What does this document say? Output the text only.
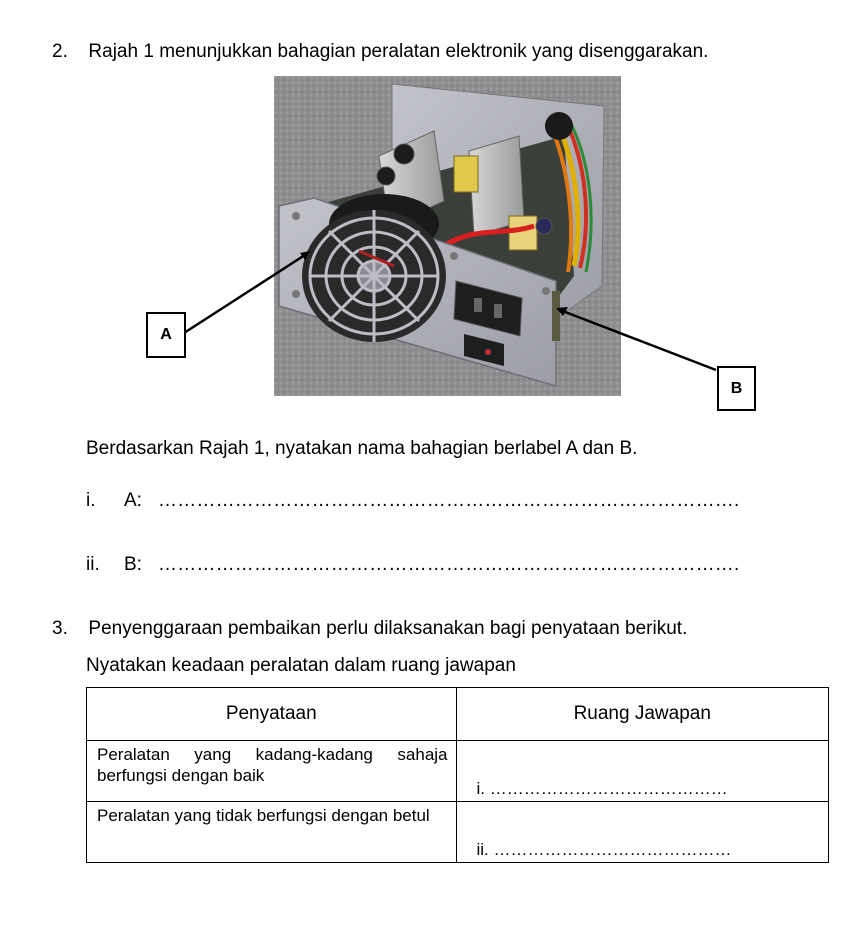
2. Rajah 1 menunjukkan bahagian peralatan elektronik yang disenggarakan.
A
B
Berdasarkan Rajah 1, nyatakan nama bahagian berlabel A dan B.
i. A: ……………………………………………………………………………….
ii. B: ……………………………………………………………………………….
3. Penyenggaraan pembaikan perlu dilaksanakan bagi penyataan berikut.
Nyatakan keadaan peralatan dalam ruang jawapan
Penyataan	Ruang Jawapan
Peralatan yang kadang-kadang sahaja berfungsi dengan baik	i. ……………………………………

Peralatan yang tidak berfungsi dengan betul	ii. ……………………………………
